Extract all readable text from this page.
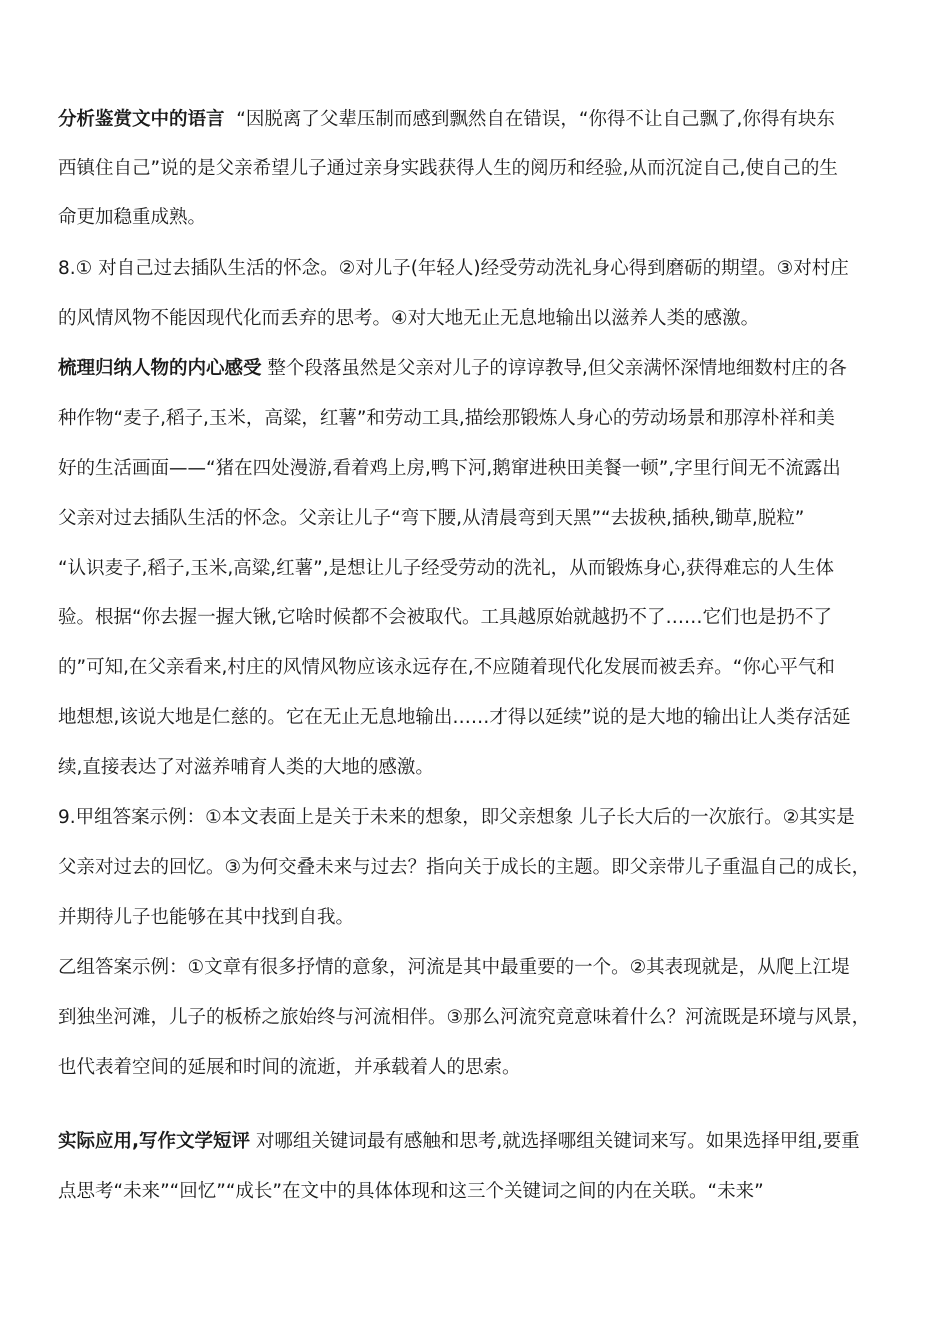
分析鉴赏文中的语言 “因脱离了父辈压制而感到飘然自在错误，“你得不让自己飘了,你得有块东
西镇住自己”说的是父亲希望儿子通过亲身实践获得人生的阅历和经验,从而沉淀自己,使自己的生
命更加稳重成熟。
8.① 对自己过去插队生活的怀念。②对儿子(年轻人)经受劳动洗礼身心得到磨砺的期望。③对村庄
的风情风物不能因现代化而丢弃的思考。④对大地无止无息地输出以滋养人类的感激。
梳理归纳人物的内心感受 整个段落虽然是父亲对儿子的谆谆教导,但父亲满怀深情地细数村庄的各
种作物“麦子,稻子,玉米，高粱，红薯”和劳动工具,描绘那锻炼人身心的劳动场景和那淳朴祥和美
好的生活画面——“猪在四处漫游,看着鸡上房,鸭下河,鹅窜进秧田美餐一顿”,字里行间无不流露出
父亲对过去插队生活的怀念。父亲让儿子“弯下腰,从清晨弯到天黑”“去拔秧,插秧,锄草,脱粒”
“认识麦子,稻子,玉米,高粱,红薯”,是想让儿子经受劳动的洗礼，从而锻炼身心,获得难忘的人生体
验。根据“你去握一握大锹,它啥时候都不会被取代。工具越原始就越扔不了……它们也是扔不了
的”可知,在父亲看来,村庄的风情风物应该永远存在,不应随着现代化发展而被丢弃。“你心平气和
地想想,该说大地是仁慈的。它在无止无息地输出……才得以延续”说的是大地的输出让人类存活延
续,直接表达了对滋养哺育人类的大地的感激。
9.甲组答案示例：①本文表面上是关于未来的想象，即父亲想象 儿子长大后的一次旅行。②其实是
父亲对过去的回忆。③为何交叠未来与过去？指向关于成长的主题。即父亲带儿子重温自己的成长，
并期待儿子也能够在其中找到自我。
乙组答案示例：①文章有很多抒情的意象，河流是其中最重要的一个。②其表现就是，从爬上江堤
到独坐河滩，儿子的板桥之旅始终与河流相伴。③那么河流究竟意味着什么？河流既是环境与风景，
也代表着空间的延展和时间的流逝，并承载着人的思索。
实际应用,写作文学短评 对哪组关键词最有感触和思考,就选择哪组关键词来写。如果选择甲组,要重
点思考“未来”“回忆”“成长”在文中的具体体现和这三个关键词之间的内在关联。“未来”
